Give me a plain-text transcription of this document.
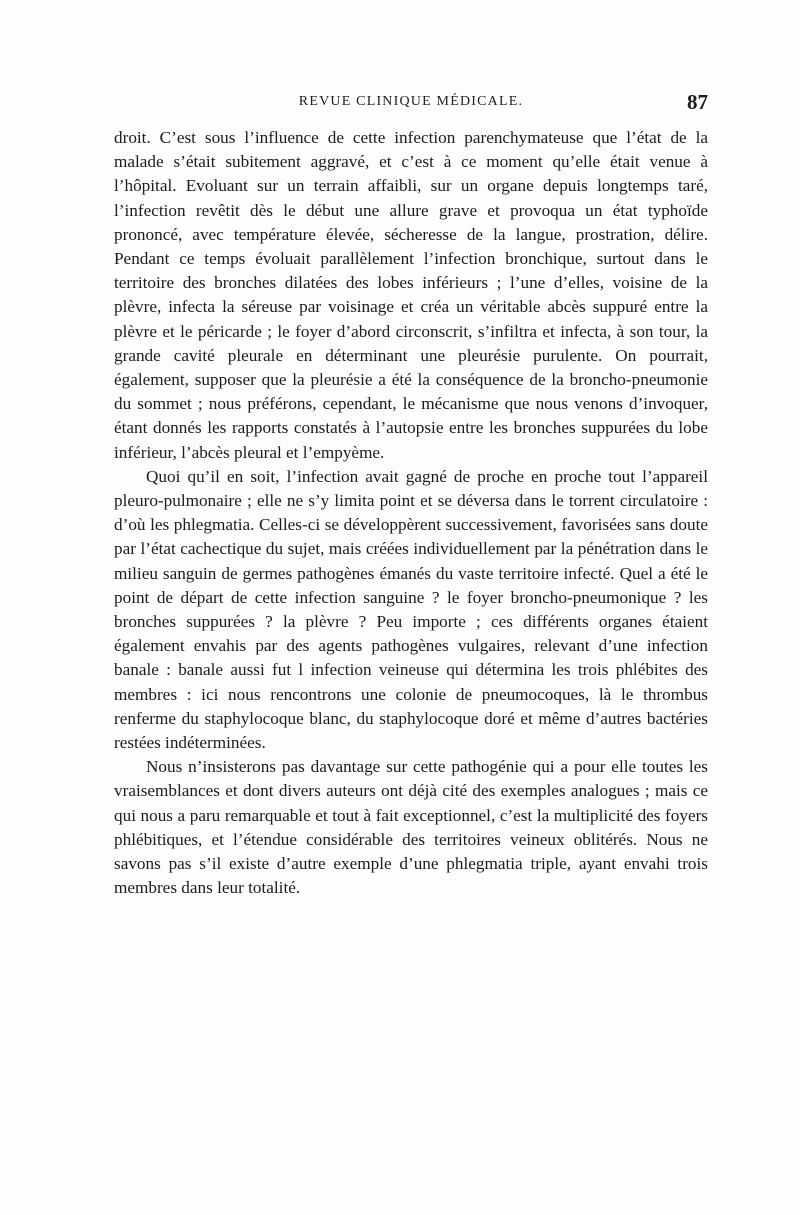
REVUE CLINIQUE MÉDICALE.	87

droit. C’est sous l’influence de cette infection parenchymateuse que l’état de la malade s’était subitement aggravé, et c’est à ce moment qu’elle était venue à l’hôpital. Evoluant sur un terrain affaibli, sur un organe depuis longtemps taré, l’infection revêtit dès le début une allure grave et provoqua un état typhoïde prononcé, avec température élevée, sécheresse de la langue, prostration, délire. Pendant ce temps évoluait parallèlement l’infection bronchique, surtout dans le territoire des bronches dilatées des lobes inférieurs ; l’une d’elles, voisine de la plèvre, infecta la séreuse par voisinage et créa un véritable abcès suppuré entre la plèvre et le péricarde ; le foyer d’abord circonscrit, s’infiltra et infecta, à son tour, la grande cavité pleurale en déterminant une pleurésie purulente. On pourrait, également, supposer que la pleurésie a été la conséquence de la broncho-pneumonie du sommet ; nous préférons, cependant, le mécanisme que nous venons d’invoquer, étant donnés les rapports constatés à l’autopsie entre les bronches suppurées du lobe inférieur, l’abcès pleural et l’empyème.

Quoi qu’il en soit, l’infection avait gagné de proche en proche tout l’appareil pleuro-pulmonaire ; elle ne s’y limita point et se déversa dans le torrent circulatoire : d’où les phlegmatia. Celles-ci se développèrent successivement, favorisées sans doute par l’état cachectique du sujet, mais créées individuellement par la pénétration dans le milieu sanguin de germes pathogènes émanés du vaste territoire infecté. Quel a été le point de départ de cette infection sanguine ? le foyer broncho-pneumonique ? les bronches suppurées ? la plèvre ? Peu importe ; ces différents organes étaient également envahis par des agents pathogènes vulgaires, relevant d’une infection banale : banale aussi fut l infection veineuse qui détermina les trois phlébites des membres : ici nous rencontrons une colonie de pneumocoques, là le thrombus renferme du staphylocoque blanc, du staphylocoque doré et même d’autres bactéries restées indéterminées.

Nous n’insisterons pas davantage sur cette pathogénie qui a pour elle toutes les vraisemblances et dont divers auteurs ont déjà cité des exemples analogues ; mais ce qui nous a paru remarquable et tout à fait exceptionnel, c’est la multiplicité des foyers phlébitiques, et l’étendue considérable des territoires veineux oblitérés. Nous ne savons pas s’il existe d’autre exemple d’une phlegmatia triple, ayant envahi trois membres dans leur totalité.
